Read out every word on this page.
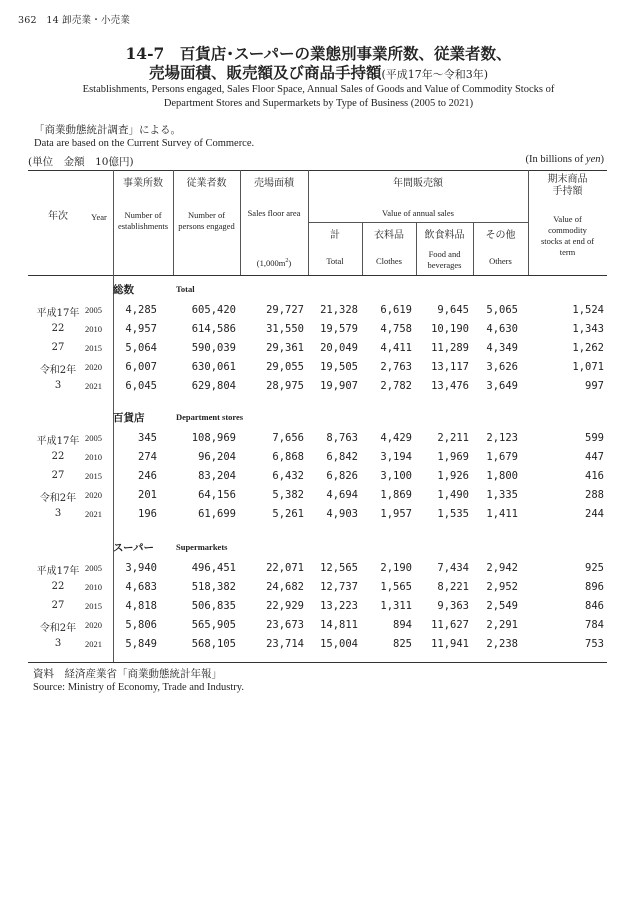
362　14 卸売業・小売業
14-7　百貨店･スーパーの業態別事業所数、従業者数、
売場面積、販売額及び商品手持額(平成17年～令和3年)
Establishments, Persons engaged, Sales Floor Space, Annual Sales of Goods and Value of Commodity Stocks of
Department Stores and Supermarkets by Type of Business (2005 to 2021)
「商業動態統計調査」による。
Data are based on the Current Survey of Commerce.
(単位　金額　10億円)	(In billions of yen)
年次	Year
事業所数
Number of
establishments
従業者数
Number of
persons engaged
売場面積
Sales floor area
$(1,000m^2)$
年間販売額
Value of annual sales
計
Total
衣料品
Clothes
飲食料品
Food and
beverages
その他
Others
期末商品
手持額
Value of
commodity
stocks at end of
term
総数	Total
平成17年 2005	4,285	605,420	29,727	21,328	6,619	9,645	5,065	1,524
22	2010	4,957	614,586	31,550	19,579	4,758	10,190	4,630	1,343
27	2015	5,064	590,039	29,361	20,049	4,411	11,289	4,349	1,262
令和2年	2020	6,007	630,061	29,055	19,505	2,763	13,117	3,626	1,071
3	2021	6,045	629,804	28,975	19,907	2,782	13,476	3,649	997
百貨店	Department stores
平成17年 2005	345	108,969	7,656	8,763	4,429	2,211	2,123	599
22	2010	274	96,204	6,868	6,842	3,194	1,969	1,679	447
27	2015	246	83,204	6,432	6,826	3,100	1,926	1,800	416
令和2年	2020	201	64,156	5,382	4,694	1,869	1,490	1,335	288
3	2021	196	61,699	5,261	4,903	1,957	1,535	1,411	244
スーパー	Supermarkets
平成17年 2005	3,940	496,451	22,071	12,565	2,190	7,434	2,942	925
22	2010	4,683	518,382	24,682	12,737	1,565	8,221	2,952	896
27	2015	4,818	506,835	22,929	13,223	1,311	9,363	2,549	846
令和2年	2020	5,806	565,905	23,673	14,811	894	11,627	2,291	784
3	2021	5,849	568,105	23,714	15,004	825	11,941	2,238	753
資料　経済産業省「商業動態統計年報」
Source: Ministry of Economy, Trade and Industry.
